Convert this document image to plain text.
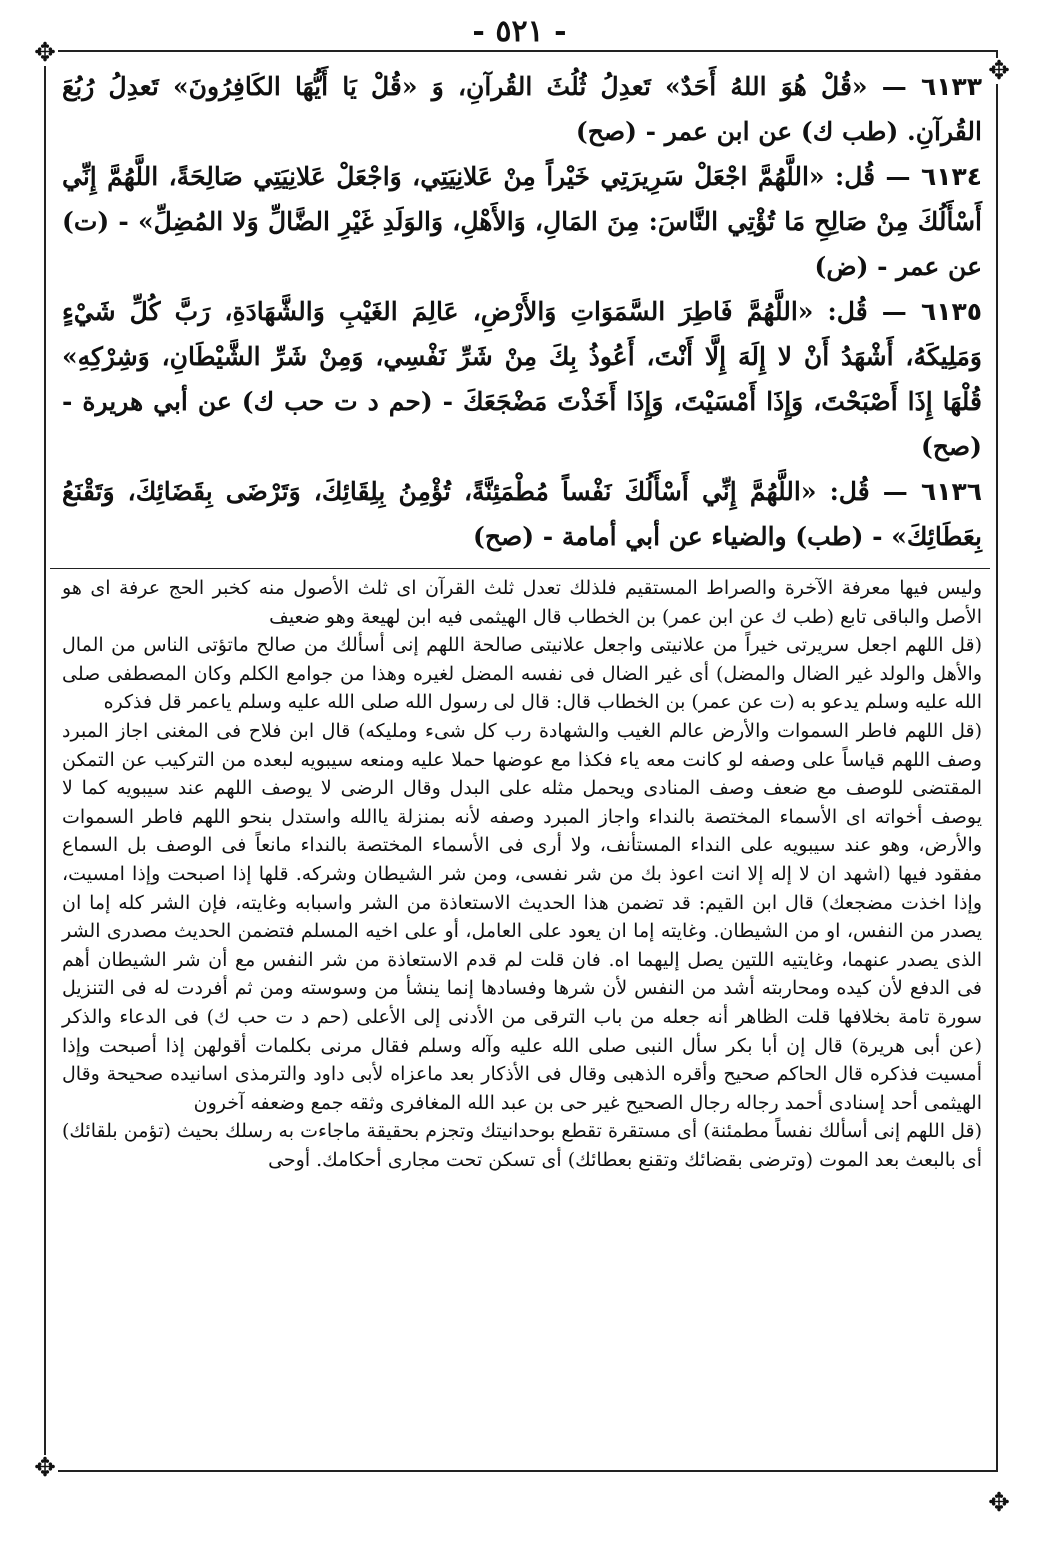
- ٥٢١ -
✥
✥
✥
✥

٦١٣٣ — «قُلْ هُوَ اللهُ أَحَدٌ» تَعدِلُ ثُلُثَ القُرآنِ، وَ «قُلْ يَا أَيُّهَا الكَافِرُونَ» تَعدِلُ رُبُعَ القُرآنِ. (طب ك) عن ابن عمر - (صح)

٦١٣٤ — قُل: «اللَّهُمَّ اجْعَلْ سَرِيرَتِي خَيْراً مِنْ عَلانِيَتِي، وَاجْعَلْ عَلانِيَتِي صَالِحَةً، اللَّهُمَّ إِنِّي أَسْأَلُكَ مِنْ صَالِحِ مَا تُؤْتِي النَّاسَ: مِنَ المَالِ، وَالأَهْلِ، وَالوَلَدِ غَيْرِ الضَّالِّ وَلا المُضِلِّ» - (ت) عن عمر - (ض)

٦١٣٥ — قُل: «اللَّهُمَّ فَاطِرَ السَّمَوَاتِ وَالأَرْضِ، عَالِمَ الغَيْبِ وَالشَّهَادَةِ، رَبَّ كُلِّ شَيْءٍ وَمَلِيكَهُ، أَشْهَدُ أَنْ لا إِلَهَ إِلَّا أَنْتَ، أَعُوذُ بِكَ مِنْ شَرِّ نَفْسِي، وَمِنْ شَرِّ الشَّيْطَانِ، وَشِرْكِهِ» قُلْهَا إِذَا أَصْبَحْتَ، وَإِذَا أَمْسَيْتَ، وَإِذَا أَخَذْتَ مَضْجَعَكَ - (حم د ت حب ك) عن أبي هريرة - (صح)

٦١٣٦ — قُل: «اللَّهُمَّ إِنِّي أَسْأَلُكَ نَفْساً مُطْمَئِنَّةً، تُؤْمِنُ بِلِقَائِكَ، وَتَرْضَى بِقَضَائِكَ، وَتَقْنَعُ بِعَطَائِكَ» - (طب) والضياء عن أبي أمامة - (صح)

وليس فيها معرفة الآخرة والصراط المستقيم فلذلك تعدل ثلث القرآن اى ثلث الأصول منه كخبر الحج عرفة اى هو الأصل والباقى تابع (طب ك عن ابن عمر) بن الخطاب قال الهيثمى فيه ابن لهيعة وهو ضعيف

(قل اللهم اجعل سريرتى خيراً من علانيتى واجعل علانيتى صالحة اللهم إنى أسألك من صالح ماتؤتى الناس من المال والأهل والولد غير الضال والمضل) أى غير الضال فى نفسه المضل لغيره وهذا من جوامع الكلم وكان المصطفى صلى الله عليه وسلم يدعو به (ت عن عمر) بن الخطاب قال: قال لى رسول الله صلى الله عليه وسلم ياعمر قل فذكره

(قل اللهم فاطر السموات والأرض عالم الغيب والشهادة رب كل شىء ومليكه) قال ابن فلاح فى المغنى اجاز المبرد وصف اللهم قياساً على وصفه لو كانت معه ياء فكذا مع عوضها حملا عليه ومنعه سيبويه لبعده من التركيب عن التمكن المقتضى للوصف مع ضعف وصف المنادى ويحمل مثله على البدل وقال الرضى لا يوصف اللهم عند سيبويه كما لا يوصف أخواته اى الأسماء المختصة بالنداء واجاز المبرد وصفه لأنه بمنزلة ياالله واستدل بنحو اللهم فاطر السموات والأرض، وهو عند سيبويه على النداء المستأنف، ولا أرى فى الأسماء المختصة بالنداء مانعاً فى الوصف بل السماع مفقود فيها (اشهد ان لا إله إلا انت اعوذ بك من شر نفسى، ومن شر الشيطان وشركه. قلها إذا اصبحت وإذا امسيت، وإذا اخذت مضجعك) قال ابن القيم: قد تضمن هذا الحديث الاستعاذة من الشر واسبابه وغايته، فإن الشر كله إما ان يصدر من النفس، او من الشيطان. وغايته إما ان يعود على العامل، أو على اخيه المسلم فتضمن الحديث مصدرى الشر الذى يصدر عنهما، وغايتيه اللتين يصل إليهما اه. فان قلت لم قدم الاستعاذة من شر النفس مع أن شر الشيطان أهم فى الدفع لأن كيده ومحاربته أشد من النفس لأن شرها وفسادها إنما ينشأ من وسوسته ومن ثم أفردت له فى التنزيل سورة تامة بخلافها قلت الظاهر أنه جعله من باب الترقى من الأدنى إلى الأعلى (حم د ت حب ك) فى الدعاء والذكر (عن أبى هريرة) قال إن أبا بكر سأل النبى صلى الله عليه وآله وسلم فقال مرنى بكلمات أقولهن إذا أصبحت وإذا أمسيت فذكره قال الحاكم صحيح وأقره الذهبى وقال فى الأذكار بعد ماعزاه لأبى داود والترمذى اسانيده صحيحة وقال الهيثمى أحد إسنادى أحمد رجاله رجال الصحيح غير حى بن عبد الله المغافرى وثقه جمع وضعفه آخرون

(قل اللهم إنى أسألك نفساً مطمئنة) أى مستقرة تقطع بوحدانيتك وتجزم بحقيقة ماجاءت به رسلك بحيث (تؤمن بلقائك) أى بالبعث بعد الموت (وترضى بقضائك وتقنع بعطائك) أى تسكن تحت مجارى أحكامك. أوحى
